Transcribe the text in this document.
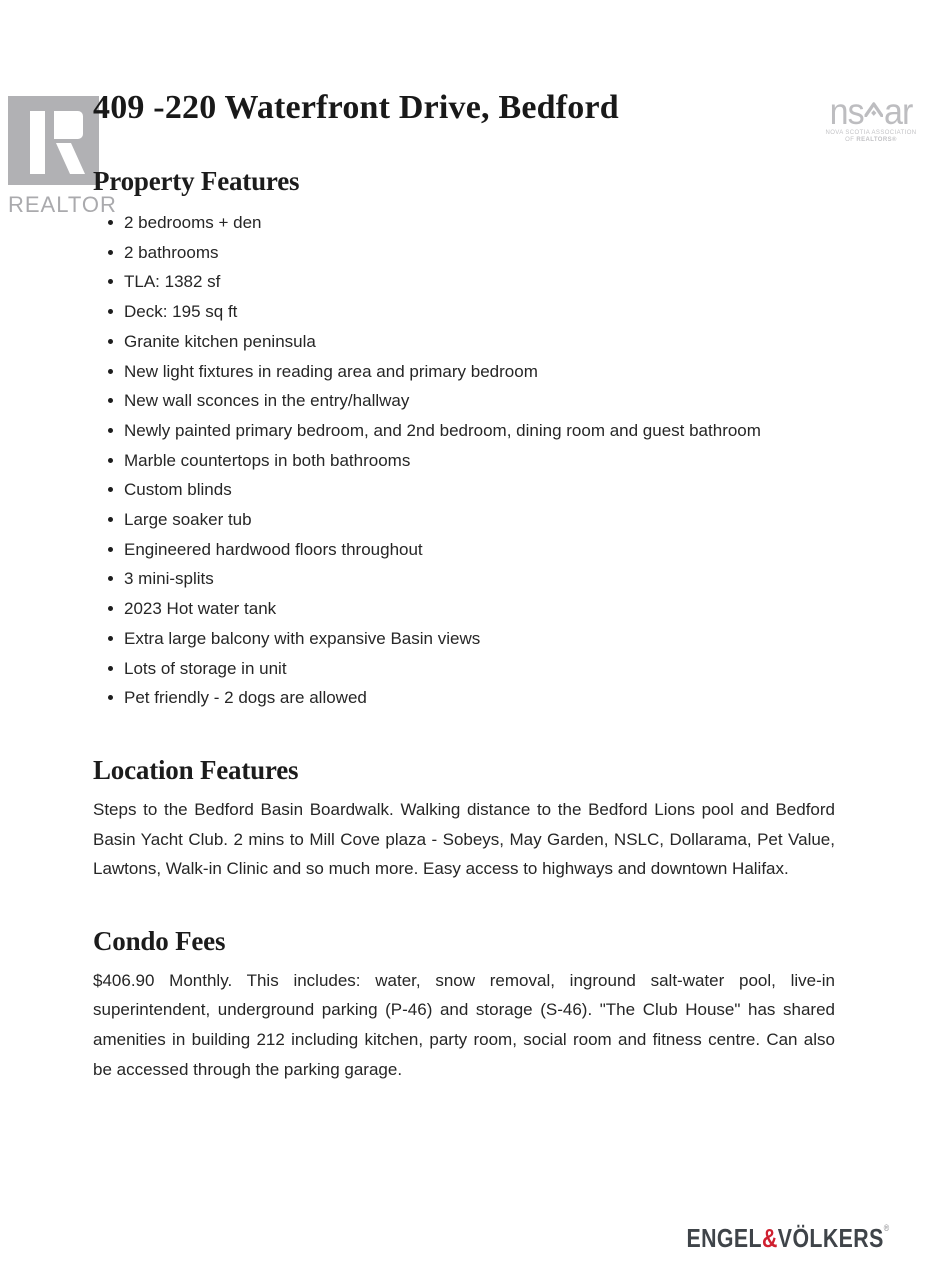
REALTOR
ns ar
NOVA SCOTIA ASSOCIATION
OF REALTORS®
409 -220 Waterfront Drive, Bedford
Property Features
2 bedrooms + den
2 bathrooms
TLA: 1382 sf
Deck: 195 sq ft
Granite kitchen peninsula
New light fixtures in reading area and primary bedroom
New wall sconces in the entry/hallway
Newly painted primary bedroom, and 2nd bedroom, dining room and guest bathroom
Marble countertops in both bathrooms
Custom blinds
Large soaker tub
Engineered hardwood floors throughout
3 mini-splits
2023 Hot water tank
Extra large balcony with expansive Basin views
Lots of storage in unit
Pet friendly - 2 dogs are allowed
Location Features

Steps to the Bedford Basin Boardwalk. Walking distance to the Bedford Lions pool and Bedford Basin Yacht Club. 2 mins to Mill Cove plaza - Sobeys, May Garden, NSLC, Dollarama, Pet Value, Lawtons, Walk-in Clinic and so much more. Easy access to highways and downtown Halifax.

Condo Fees

$406.90 Monthly. This includes: water, snow removal, inground salt-water pool, live-in superintendent, underground parking (P-46) and storage (S-46). "The Club House" has shared amenities in building 212 including kitchen, party room, social room and fitness centre. Can also be accessed through the parking garage.

ENGEL&VÖLKERS®
